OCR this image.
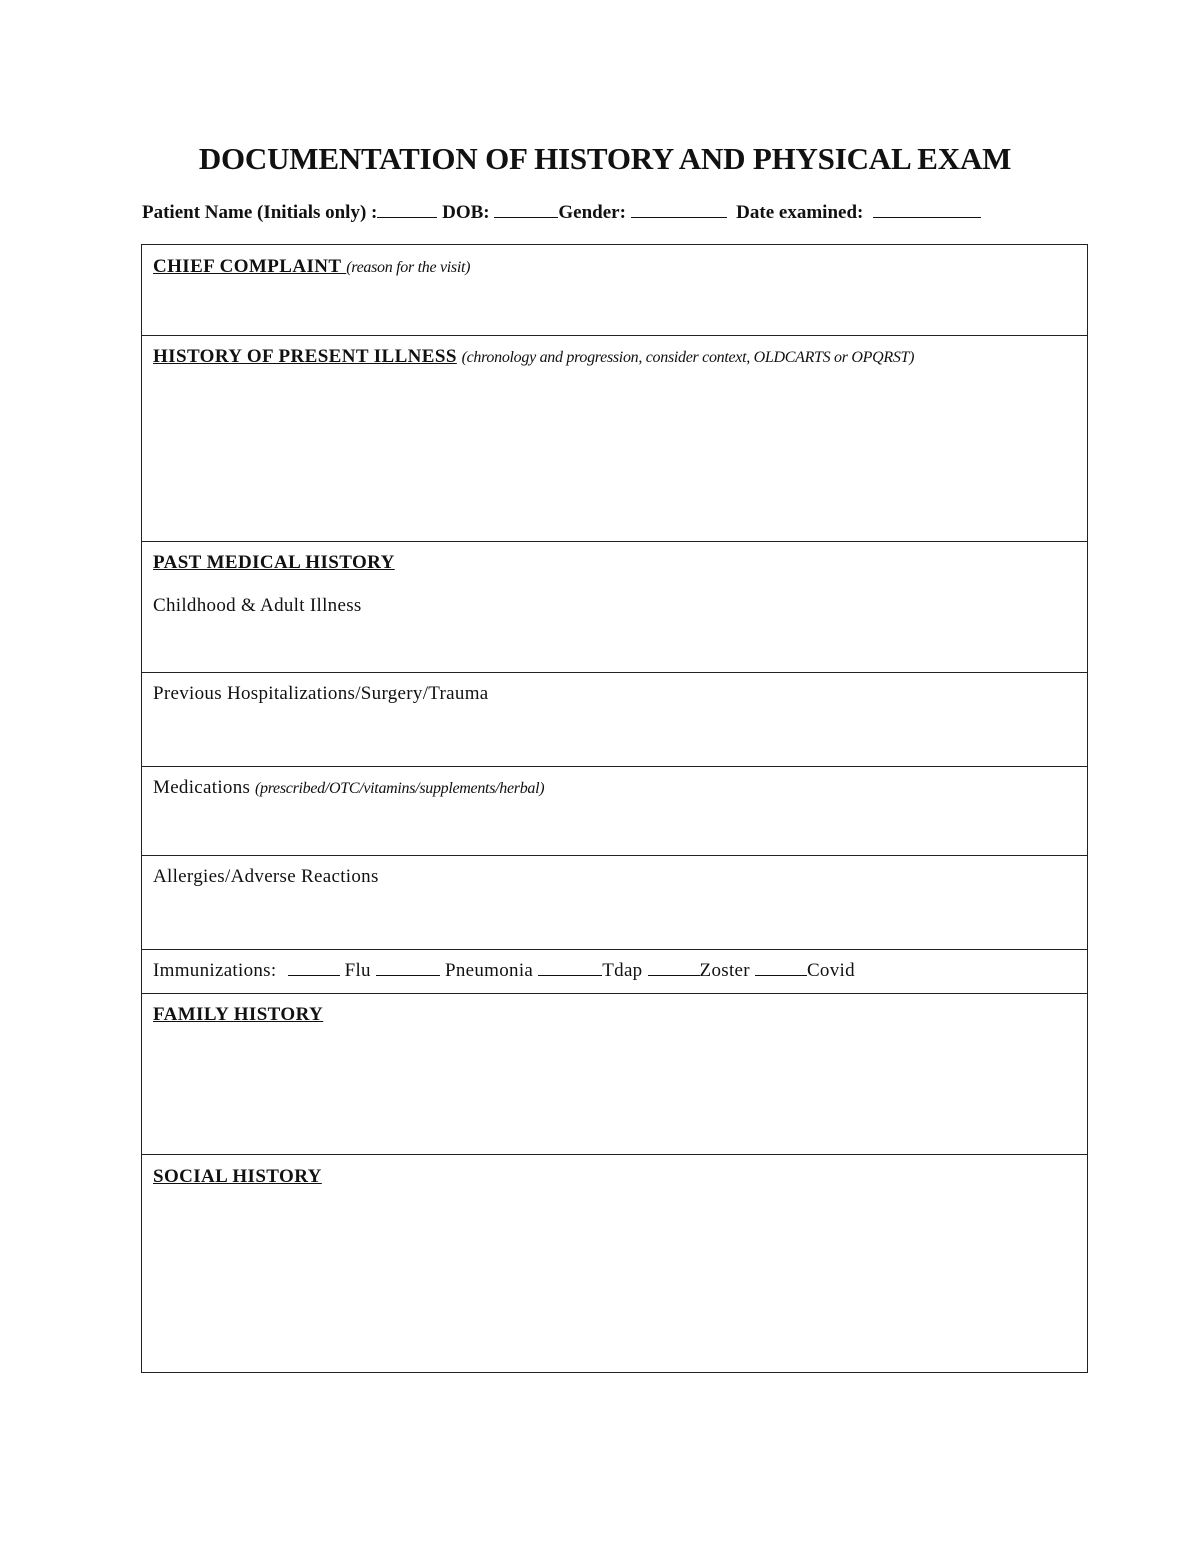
DOCUMENTATION OF HISTORY AND PHYSICAL EXAM
Patient Name (Initials only) :	DOB:	Gender:	Date examined:
CHIEF COMPLAINT (reason for the visit)
HISTORY OF PRESENT ILLNESS (chronology and progression, consider context, OLDCARTS or OPQRST)
PAST MEDICAL HISTORY
Childhood & Adult Illness
Previous Hospitalizations/Surgery/Trauma
Medications (prescribed/OTC/vitamins/supplements/herbal)
Allergies/Adverse Reactions
Immunizations:	Flu	Pneumonia	Tdap	Zoster	Covid
FAMILY HISTORY
SOCIAL HISTORY
